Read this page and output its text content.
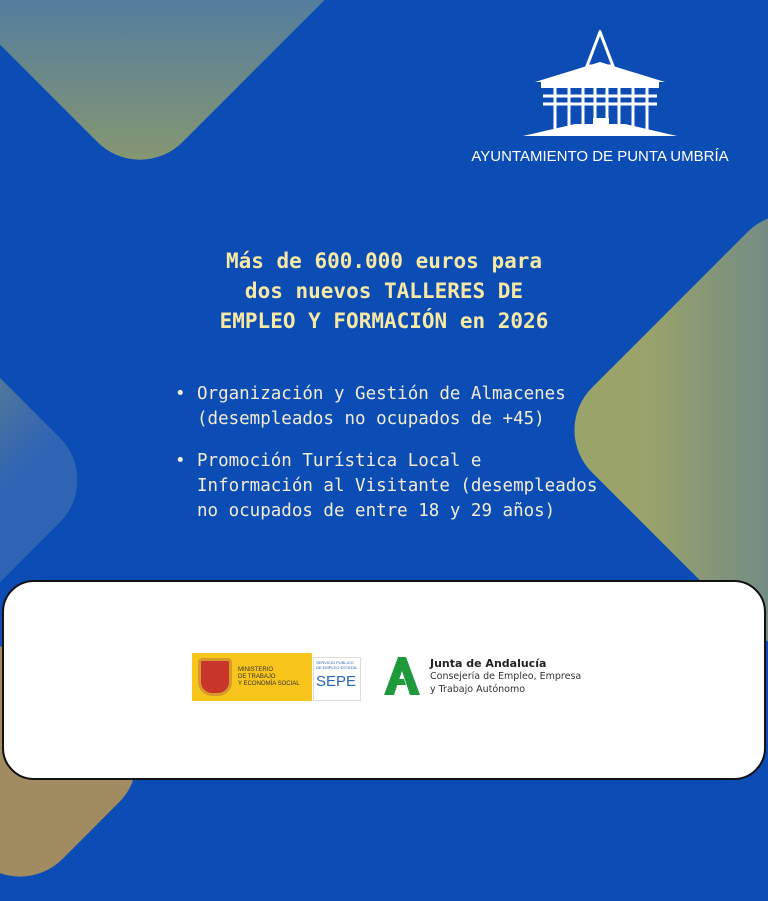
AYUNTAMIENTO DE PUNTA UMBRÍA
Más de 600.000 euros para
dos nuevos TALLERES DE
EMPLEO Y FORMACIÓN en 2026
• Organización y Gestión de Almacenes
(desempleados no ocupados de +45)
• Promoción Turística Local e
Información al Visitante (desempleados
no ocupados de entre 18 y 29 años)
MINISTERIO
DE TRABAJO
Y ECONOMÍA SOCIAL
SERVICIO PÚBLICO DE EMPLEO ESTATAL
SEPE
Junta de Andalucía
Consejería de Empleo, Empresa
y Trabajo Autónomo
